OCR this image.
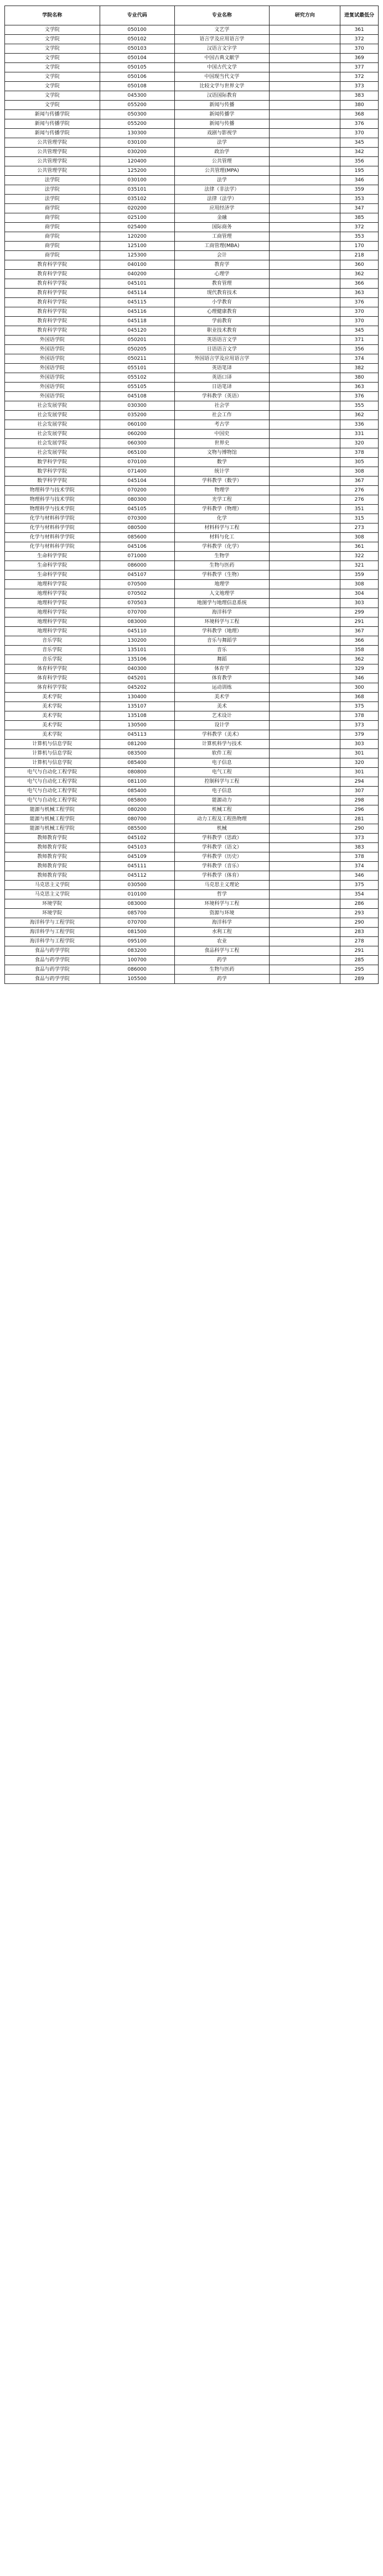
学院名称	专业代码	专业名称	研究方向	进复试最低分
文学院	050100	文艺学		361
文学院	050102	语言学及应用语言学		372
文学院	050103	汉语言文字学		370
文学院	050104	中国古典文献学		369
文学院	050105	中国古代文学		377
文学院	050106	中国现当代文学		372
文学院	050108	比较文学与世界文学		373
文学院	045300	汉语国际教育		383
文学院	055200	新闻与传播		380
新闻与传播学院	050300	新闻传播学		368
新闻与传播学院	055200	新闻与传播		376
新闻与传播学院	130300	戏剧与影视学		370
公共管理学院	030100	法学		345
公共管理学院	030200	政治学		342
公共管理学院	120400	公共管理		356
公共管理学院	125200	公共管理(MPA)		195
法学院	030100	法学		346
法学院	035101	法律（非法学）		359
法学院	035102	法律（法学）		353
商学院	020200	应用经济学		347
商学院	025100	金融		385
商学院	025400	国际商务		372
商学院	120200	工商管理		353
商学院	125100	工商管理(MBA)		170
商学院	125300	会计		218
教育科学学院	040100	教育学		360
教育科学学院	040200	心理学		362
教育科学学院	045101	教育管理		366
教育科学学院	045114	现代教育技术		363
教育科学学院	045115	小学教育		376
教育科学学院	045116	心理健康教育		370
教育科学学院	045118	学前教育		370
教育科学学院	045120	职业技术教育		345
外国语学院	050201	英语语言文学		371
外国语学院	050205	日语语言文学		356
外国语学院	050211	外国语言学及应用语言学		374
外国语学院	055101	英语笔译		382
外国语学院	055102	英语口译		380
外国语学院	055105	日语笔译		363
外国语学院	045108	学科教学（英语）		376
社会发展学院	030300	社会学		355
社会发展学院	035200	社会工作		362
社会发展学院	060100	考古学		336
社会发展学院	060200	中国史		331
社会发展学院	060300	世界史		320
社会发展学院	065100	文物与博物馆		378
数学科学学院	070100	数学		305
数学科学学院	071400	统计学		308
数学科学学院	045104	学科教学（数学）		367
物理科学与技术学院	070200	物理学		276
物理科学与技术学院	080300	光学工程		276
物理科学与技术学院	045105	学科教学（物理）		351
化学与材料科学学院	070300	化学		315
化学与材料科学学院	080500	材料科学与工程		273
化学与材料科学学院	085600	材料与化工		308
化学与材料科学学院	045106	学科教学（化学）		361
生命科学学院	071000	生物学		322
生命科学学院	086000	生物与医药		321
生命科学学院	045107	学科教学（生物）		359
地理科学学院	070500	地理学		308
地理科学学院	070502	人文地理学		304
地理科学学院	070503	地图学与地理信息系统		303
地理科学学院	070700	海洋科学		299
地理科学学院	083000	环境科学与工程		291
地理科学学院	045110	学科教学（地理）		367
音乐学院	130200	音乐与舞蹈学		366
音乐学院	135101	音乐		358
音乐学院	135106	舞蹈		362
体育科学学院	040300	体育学		329
体育科学学院	045201	体育教学		346
体育科学学院	045202	运动训练		300
美术学院	130400	美术学		368
美术学院	135107	美术		375
美术学院	135108	艺术设计		378
美术学院	130500	设计学		373
美术学院	045113	学科教学（美术）		379
计算机与信息学院	081200	计算机科学与技术		303
计算机与信息学院	083500	软件工程		301
计算机与信息学院	085400	电子信息		320
电气与自动化工程学院	080800	电气工程		301
电气与自动化工程学院	081100	控制科学与工程		294
电气与自动化工程学院	085400	电子信息		307
电气与自动化工程学院	085800	能源动力		298
能源与机械工程学院	080200	机械工程		296
能源与机械工程学院	080700	动力工程及工程热物理		281
能源与机械工程学院	085500	机械		290
教师教育学院	045102	学科教学（思政）		373
教师教育学院	045103	学科教学（语文）		383
教师教育学院	045109	学科教学（历史）		378
教师教育学院	045111	学科教学（音乐）		374
教师教育学院	045112	学科教学（体育）		346
马克思主义学院	030500	马克思主义理论		375
马克思主义学院	010100	哲学		354
环境学院	083000	环境科学与工程		286
环境学院	085700	资源与环境		293
海洋科学与工程学院	070700	海洋科学		290
海洋科学与工程学院	081500	水利工程		283
海洋科学与工程学院	095100	农业		278
食品与药学学院	083200	食品科学与工程		291
食品与药学学院	100700	药学		285
食品与药学学院	086000	生物与医药		295
食品与药学学院	105500	药学		289
